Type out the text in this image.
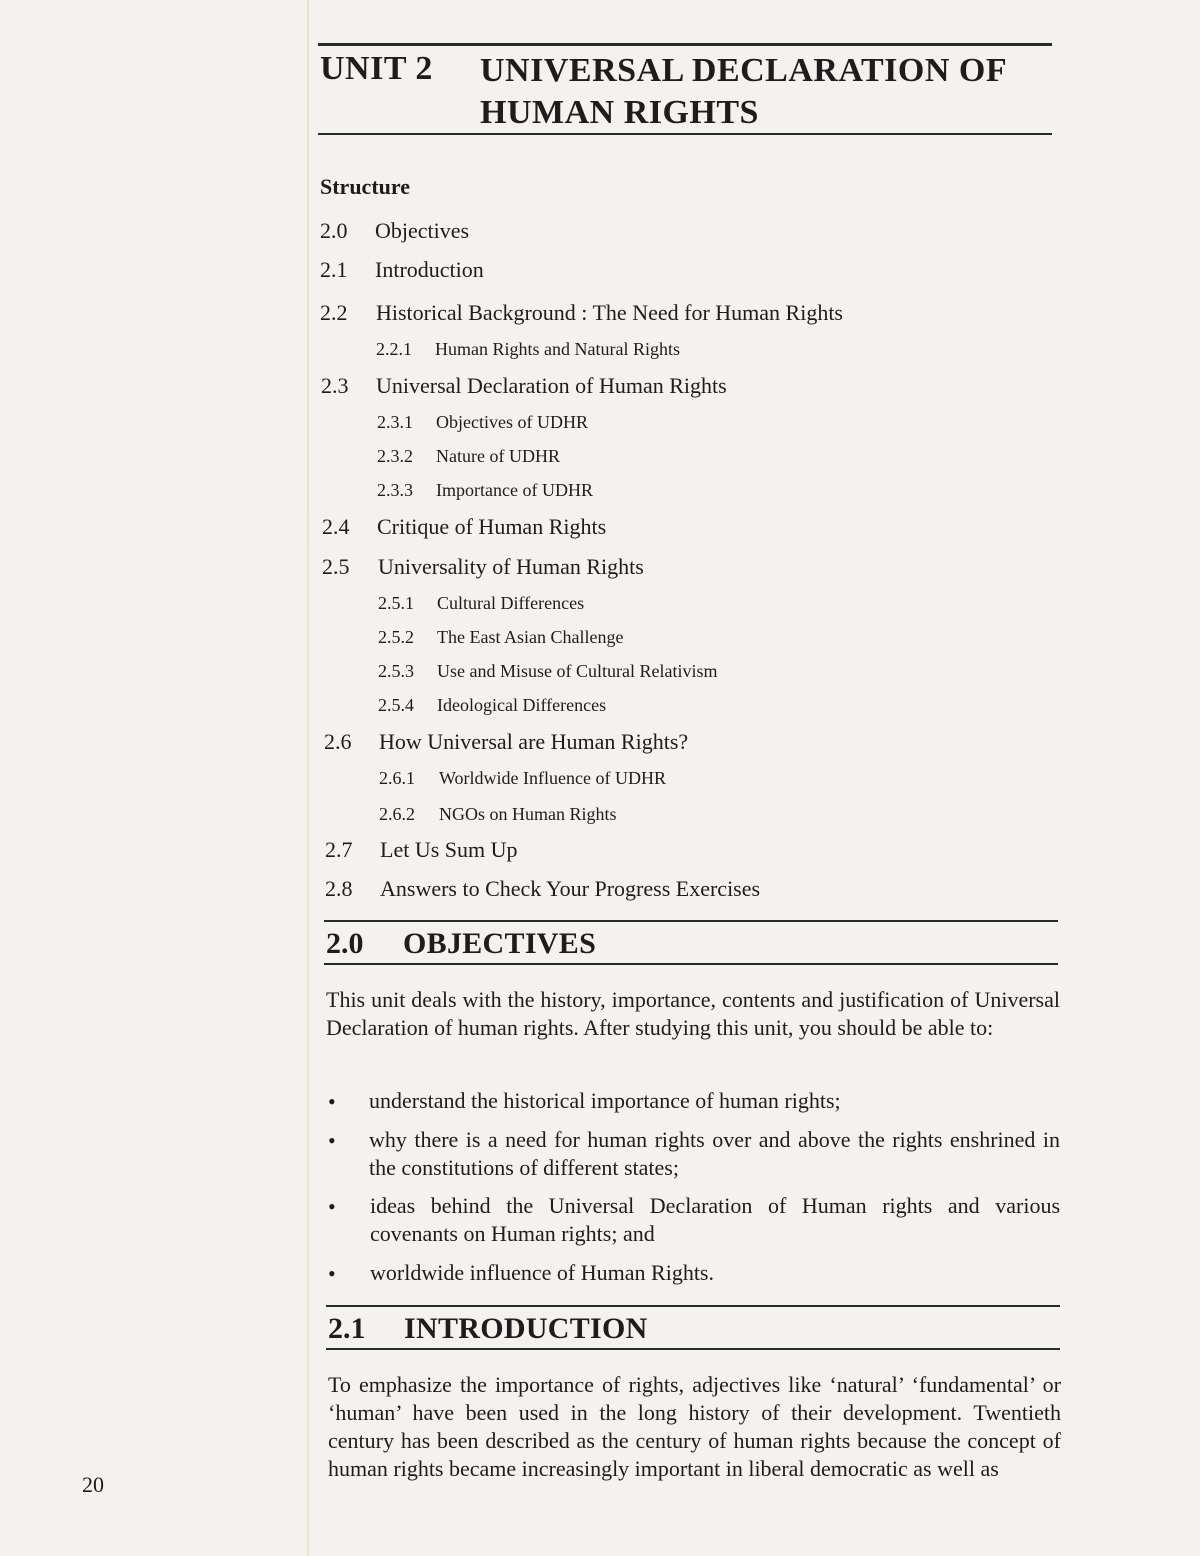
UNIT 2 UNIVERSAL DECLARATION OF HUMAN RIGHTS
Structure
2.0 Objectives
2.1 Introduction
2.2 Historical Background : The Need for Human Rights
2.2.1 Human Rights and Natural Rights
2.3 Universal Declaration of Human Rights
2.3.1 Objectives of UDHR
2.3.2 Nature of UDHR
2.3.3 Importance of UDHR
2.4 Critique of Human Rights
2.5 Universality of Human Rights
2.5.1 Cultural Differences
2.5.2 The East Asian Challenge
2.5.3 Use and Misuse of Cultural Relativism
2.5.4 Ideological Differences
2.6 How Universal are Human Rights?
2.6.1 Worldwide Influence of UDHR
2.6.2 NGOs on Human Rights
2.7 Let Us Sum Up
2.8 Answers to Check Your Progress Exercises
2.0 OBJECTIVES
This unit deals with the history, importance, contents and justification of Universal Declaration of human rights. After studying this unit, you should be able to:
• understand the historical importance of human rights;
• why there is a need for human rights over and above the rights enshrined in the constitutions of different states;
• ideas behind the Universal Declaration of Human rights and various covenants on Human rights; and
• worldwide influence of Human Rights.
2.1 INTRODUCTION
To emphasize the importance of rights, adjectives like ‘natural’ ‘fundamental’ or ‘human’ have been used in the long history of their development. Twentieth century has been described as the century of human rights because the concept of human rights became increasingly important in liberal democratic as well as
20
